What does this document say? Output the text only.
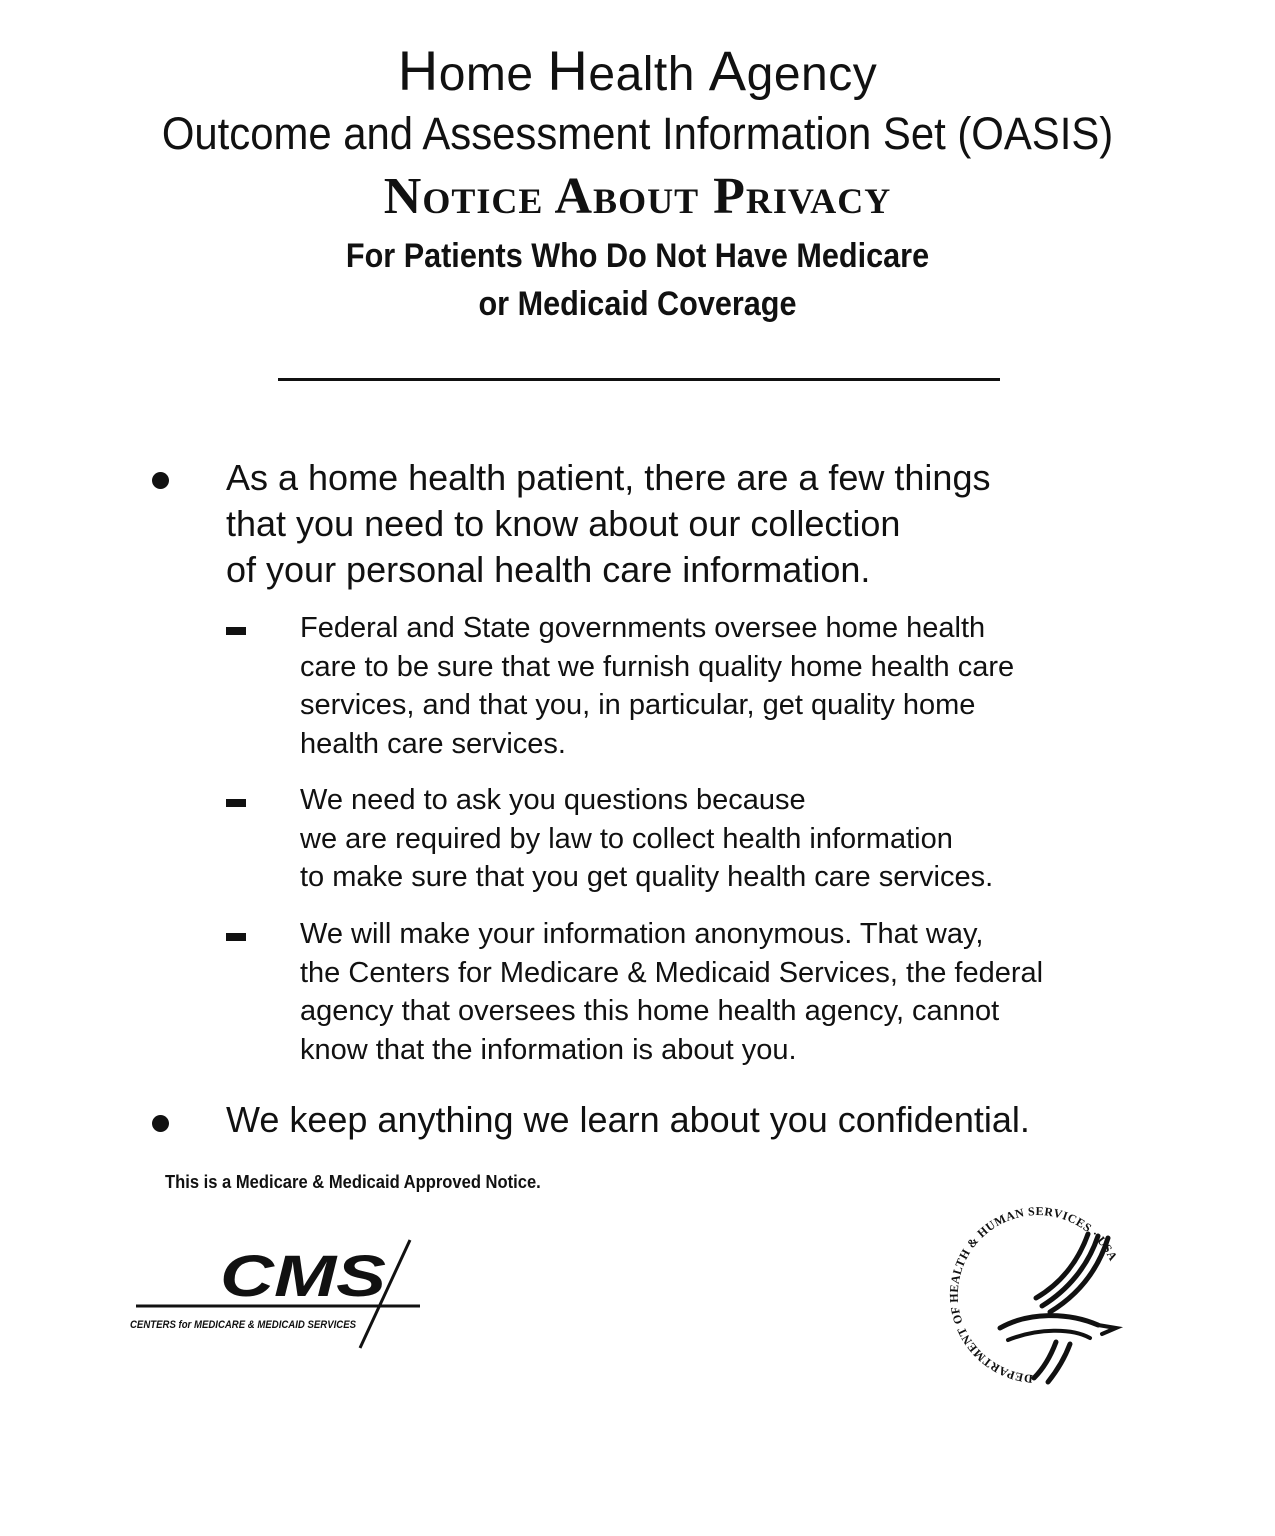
Home Health Agency
Outcome and Assessment Information Set (OASIS)
Notice About Privacy
For Patients Who Do Not Have Medicare
or Medicaid Coverage

As a home health patient, there are a few things
that you need to know about our collection
of your personal health care information.

Federal and State governments oversee home health
care to be sure that we furnish quality home health care
services, and that you, in particular, get quality home
health care services.

We need to ask you questions because
we are required by law to collect health information
to make sure that you get quality health care services.

We will make your information anonymous. That way,
the Centers for Medicare & Medicaid Services, the federal
agency that oversees this home health agency, cannot
know that the information is about you.

We keep anything we learn about you confidential.

This is a Medicare & Medicaid Approved Notice.
CMS
CENTERS for MEDICARE & MEDICAID SERVICES
DEPARTMENT OF HEALTH & HUMAN SERVICES · USA
